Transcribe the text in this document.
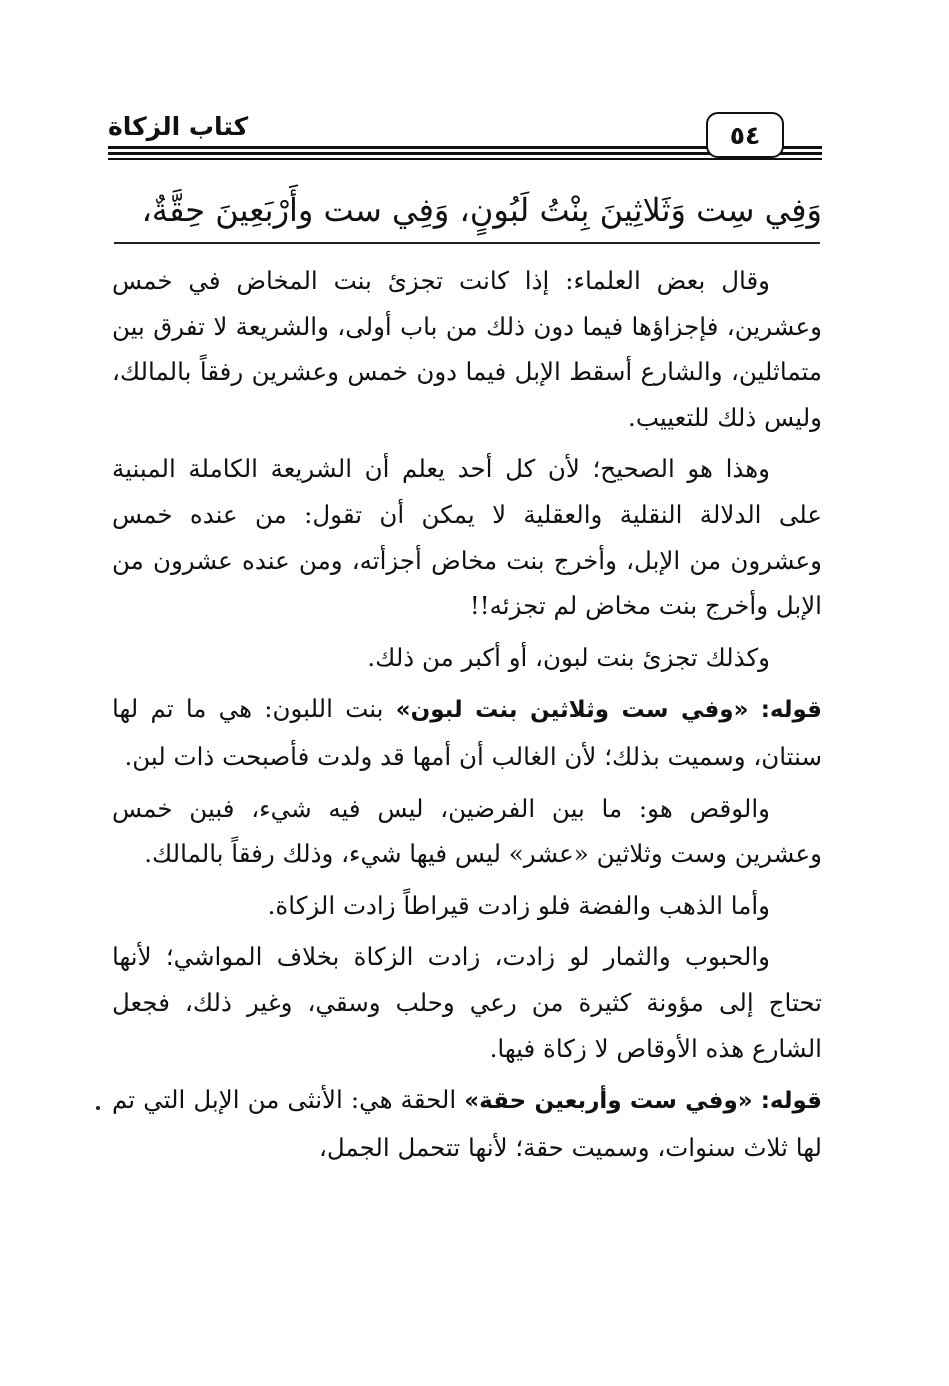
كتاب الزكاة	٥٤
وَفِي سِت وَثَلاثِينَ بِنْتُ لَبُونٍ، وَفِي ست وأَرْبَعِينَ حِقَّةٌ،

وقال بعض العلماء: إذا كانت تجزئ بنت المخاض في خمس وعشرين، فإجزاؤها فيما دون ذلك من باب أولى، والشريعة لا تفرق بين متماثلين، والشارع أسقط الإبل فيما دون خمس وعشرين رفقاً بالمالك، وليس ذلك للتعييب.

وهذا هو الصحيح؛ لأن كل أحد يعلم أن الشريعة الكاملة المبنية على الدلالة النقلية والعقلية لا يمكن أن تقول: من عنده خمس وعشرون من الإبل، وأخرج بنت مخاض أجزأته، ومن عنده عشرون من الإبل وأخرج بنت مخاض لم تجزئه!!

وكذلك تجزئ بنت لبون، أو أكبر من ذلك.

قوله: «وفي ست وثلاثين بنت لبون» بنت اللبون: هي ما تم لها سنتان، وسميت بذلك؛ لأن الغالب أن أمها قد ولدت فأصبحت ذات لبن.

والوقص هو: ما بين الفرضين، ليس فيه شيء، فبين خمس وعشرين وست وثلاثين «عشر» ليس فيها شيء، وذلك رفقاً بالمالك.

وأما الذهب والفضة فلو زادت قيراطاً زادت الزكاة.

والحبوب والثمار لو زادت، زادت الزكاة بخلاف المواشي؛ لأنها تحتاج إلى مؤونة كثيرة من رعي وحلب وسقي، وغير ذلك، فجعل الشارع هذه الأوقاص لا زكاة فيها.

قوله: «وفي ست وأربعين حقة» الحقة هي: الأنثى من الإبل التي تم لها ثلاث سنوات، وسميت حقة؛ لأنها تتحمل الجمل،
